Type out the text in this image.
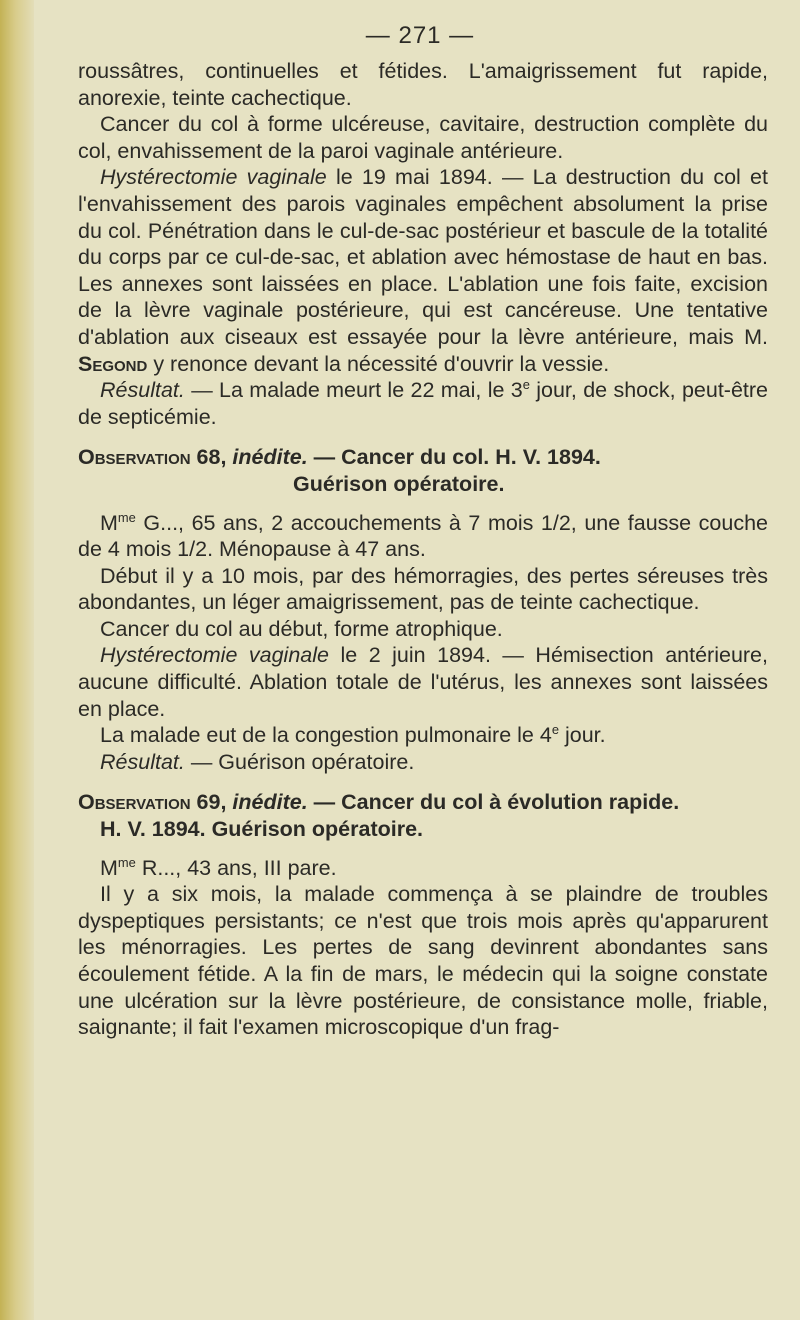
— 271 —

roussâtres, continuelles et fétides. L'amaigrissement fut rapide, anorexie, teinte cachectique.

Cancer du col à forme ulcéreuse, cavitaire, destruction complète du col, envahissement de la paroi vaginale antérieure.

Hystérectomie vaginale le 19 mai 1894. — La destruction du col et l'envahissement des parois vaginales empêchent absolument la prise du col. Pénétration dans le cul-de-sac postérieur et bascule de la totalité du corps par ce cul-de-sac, et ablation avec hémostase de haut en bas. Les annexes sont laissées en place. L'ablation une fois faite, excision de la lèvre vaginale postérieure, qui est cancéreuse. Une tentative d'ablation aux ciseaux est essayée pour la lèvre antérieure, mais M. Segond y renonce devant la nécessité d'ouvrir la vessie.

Résultat. — La malade meurt le 22 mai, le 3e jour, de shock, peut-être de septicémie.

Observation 68, inédite. — Cancer du col. H. V. 1894.
Guérison opératoire.

$M^{me}$ G..., 65 ans, 2 accouchements à 7 mois 1/2, une fausse couche de 4 mois 1/2. Ménopause à 47 ans.

Début il y a 10 mois, par des hémorragies, des pertes séreuses très abondantes, un léger amaigrissement, pas de teinte cachectique.

Cancer du col au début, forme atrophique.

Hystérectomie vaginale le 2 juin 1894. — Hémisection antérieure, aucune difficulté. Ablation totale de l'utérus, les annexes sont laissées en place.

La malade eut de la congestion pulmonaire le 4e jour.

Résultat. — Guérison opératoire.

Observation 69, inédite. — Cancer du col à évolution rapide.
H. V. 1894. Guérison opératoire.

$M^{me}$ R..., 43 ans, III pare.

Il y a six mois, la malade commença à se plaindre de troubles dyspeptiques persistants; ce n'est que trois mois après qu'apparurent les ménorragies. Les pertes de sang devinrent abondantes sans écoulement fétide. A la fin de mars, le médecin qui la soigne constate une ulcération sur la lèvre postérieure, de consistance molle, friable, saignante; il fait l'examen microscopique d'un frag-
